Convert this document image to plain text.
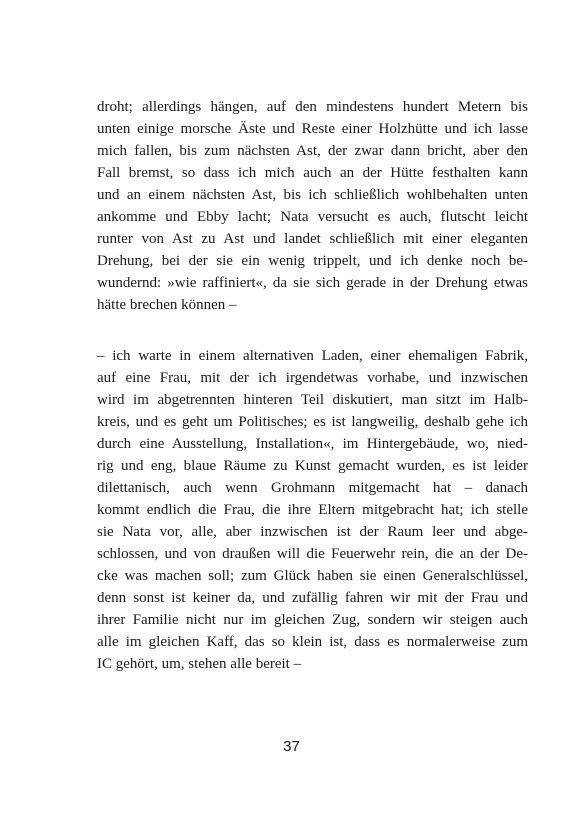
droht; allerdings hängen, auf den mindestens hundert Metern bis
unten einige morsche Äste und Reste einer Holzhütte und ich lasse
mich fallen, bis zum nächsten Ast, der zwar dann bricht, aber den
Fall bremst, so dass ich mich auch an der Hütte festhalten kann
und an einem nächsten Ast, bis ich schließlich wohlbehalten unten
ankomme und Ebby lacht; Nata versucht es auch, flutscht leicht
runter von Ast zu Ast und landet schließlich mit einer eleganten
Drehung, bei der sie ein wenig trippelt, und ich denke noch be-
wundernd: »wie raffiniert«, da sie sich gerade in der Drehung etwas
hätte brechen können –
– ich warte in einem alternativen Laden, einer ehemaligen Fabrik,
auf eine Frau, mit der ich irgendetwas vorhabe, und inzwischen
wird im abgetrennten hinteren Teil diskutiert, man sitzt im Halb-
kreis, und es geht um Politisches; es ist langweilig, deshalb gehe ich
durch eine Ausstellung, Installation«, im Hintergebäude, wo, nied-
rig und eng, blaue Räume zu Kunst gemacht wurden, es ist leider
dilettanisch, auch wenn Grohmann mitgemacht hat – danach
kommt endlich die Frau, die ihre Eltern mitgebracht hat; ich stelle
sie Nata vor, alle, aber inzwischen ist der Raum leer und abge-
schlossen, und von draußen will die Feuerwehr rein, die an der De-
cke was machen soll; zum Glück haben sie einen Generalschlüssel,
denn sonst ist keiner da, und zufällig fahren wir mit der Frau und
ihrer Familie nicht nur im gleichen Zug, sondern wir steigen auch
alle im gleichen Kaff, das so klein ist, dass es normalerweise zum
IC gehört, um, stehen alle bereit –
37
